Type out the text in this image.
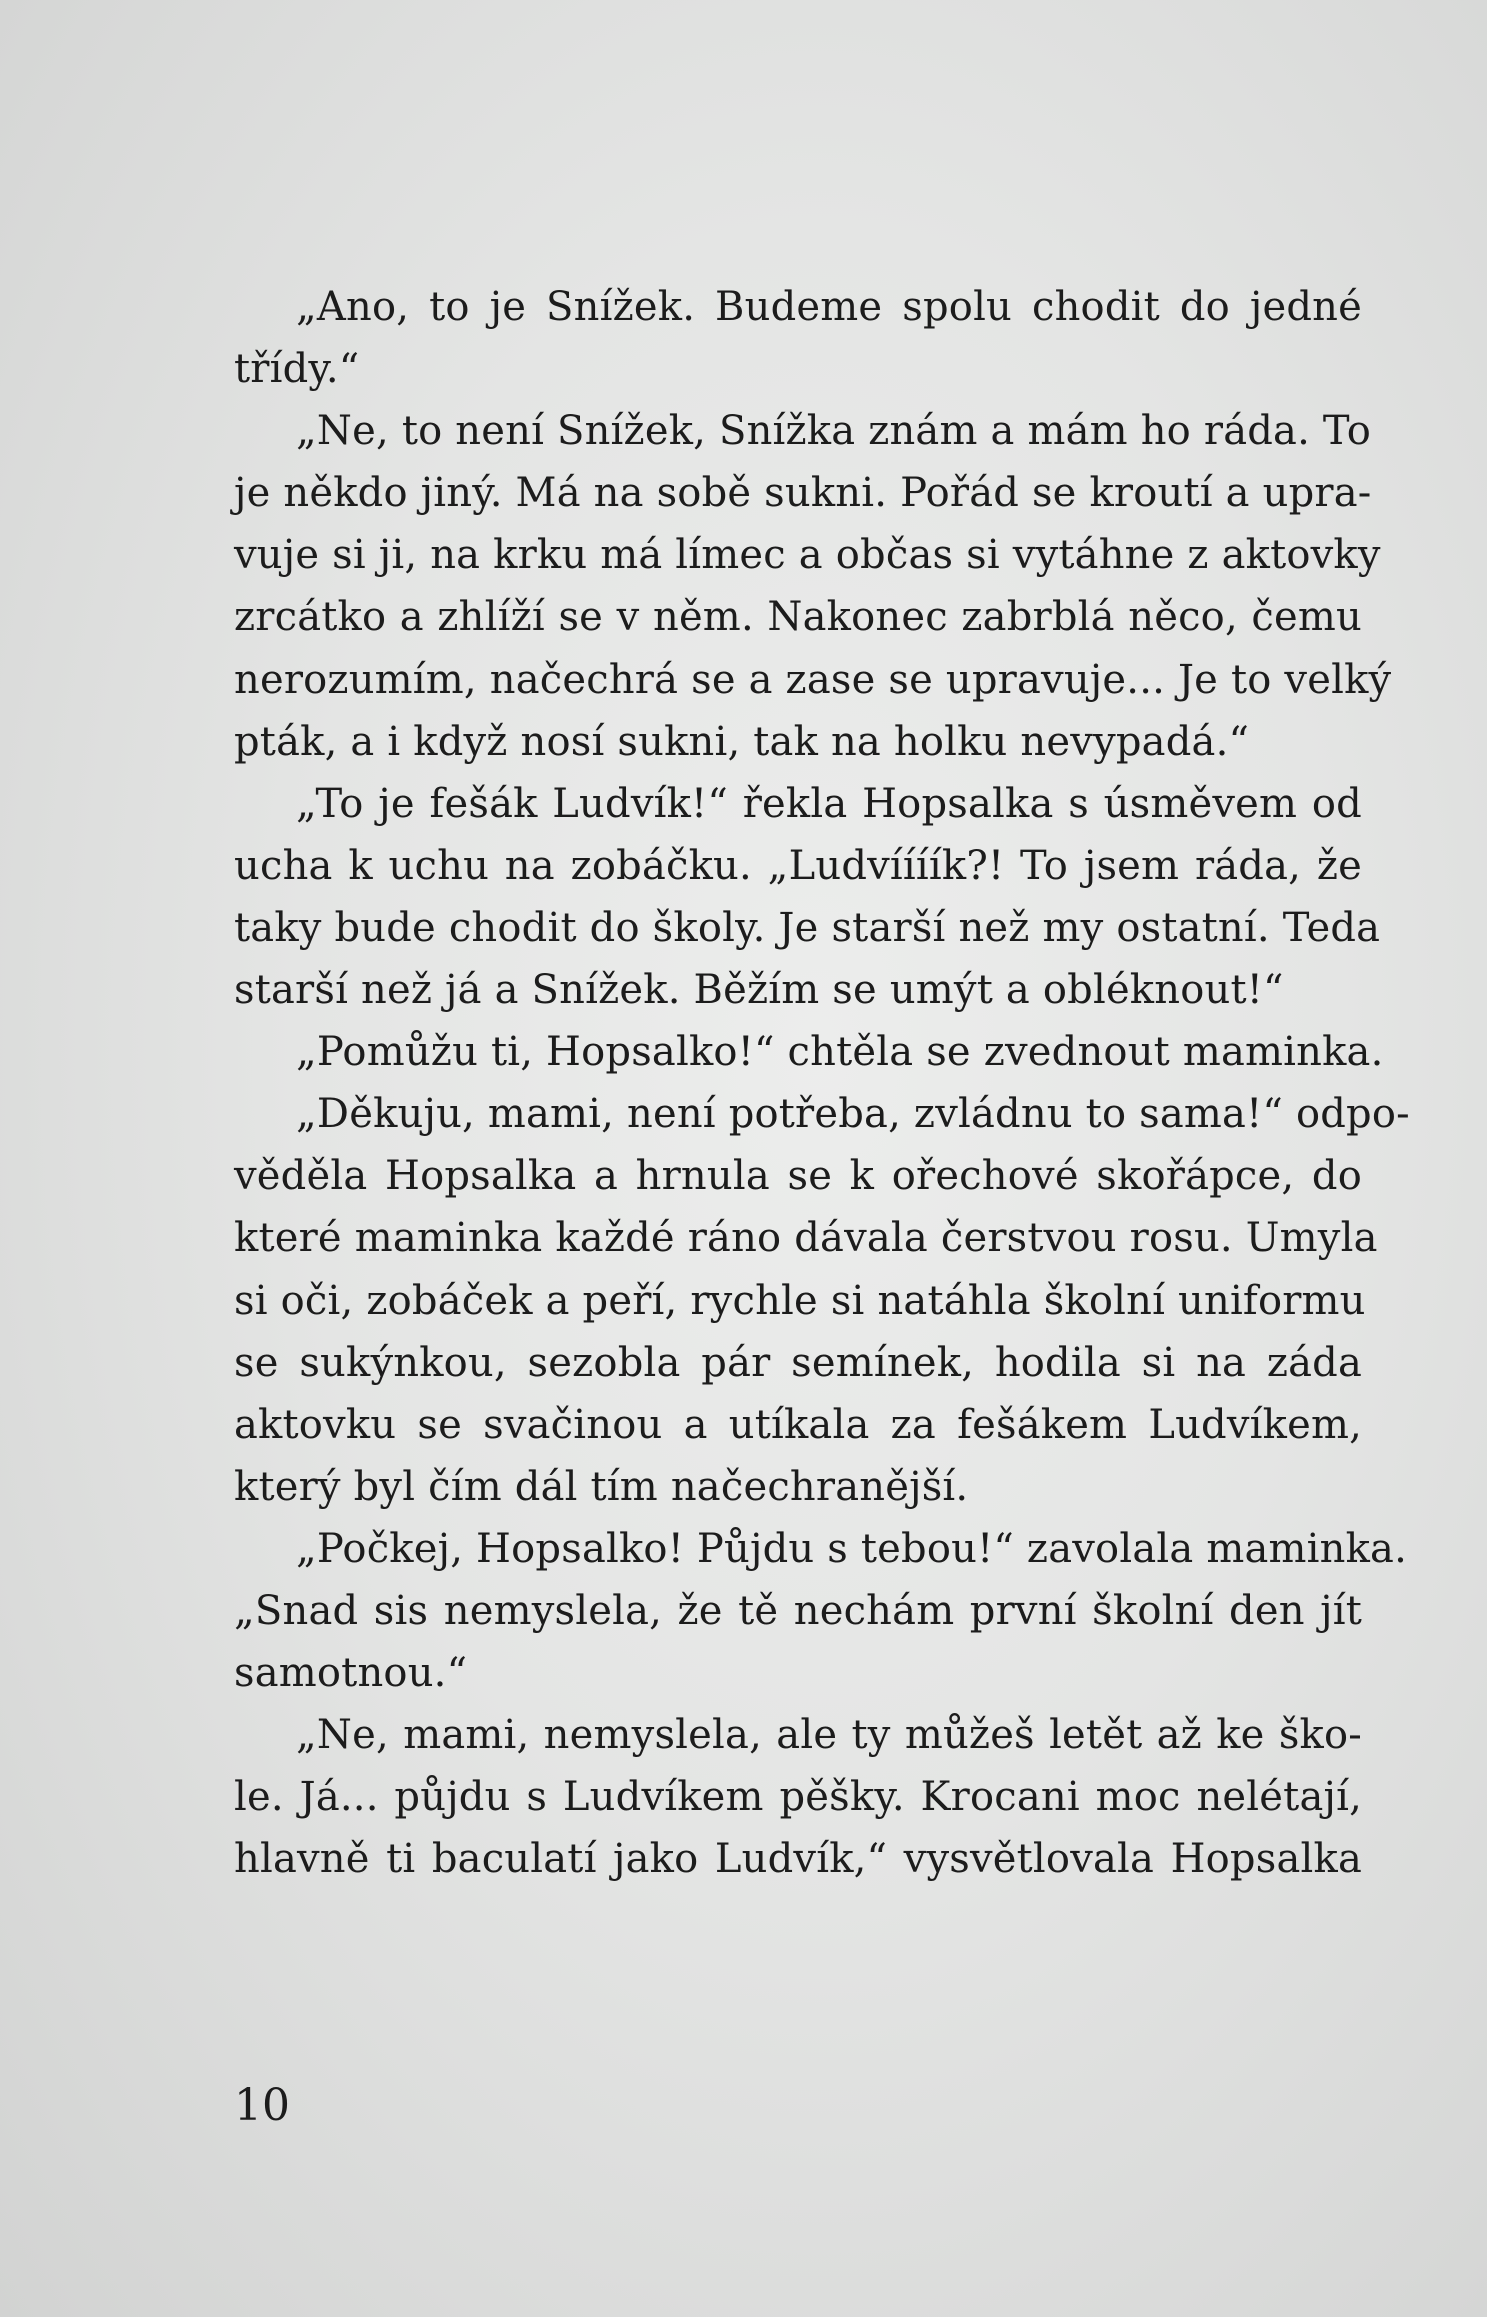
„Ano, to je Snížek. Budeme spolu chodit do jedné
třídy.“
„Ne, to není Snížek, Snížka znám a mám ho ráda. To
je někdo jiný. Má na sobě sukni. Pořád se kroutí a upra-
vuje si ji, na krku má límec a občas si vytáhne z aktovky
zrcátko a zhlíží se v něm. Nakonec zabrblá něco, čemu
nerozumím, načechrá se a zase se upravuje... Je to velký
pták, a i když nosí sukni, tak na holku nevypadá.“
„To je fešák Ludvík!“ řekla Hopsalka s úsměvem od
ucha k uchu na zobáčku. „Ludvíííík?! To jsem ráda, že
taky bude chodit do školy. Je starší než my ostatní. Teda
starší než já a Snížek. Běžím se umýt a obléknout!“
„Pomůžu ti, Hopsalko!“ chtěla se zvednout maminka.
„Děkuju, mami, není potřeba, zvládnu to sama!“ odpo-
věděla Hopsalka a hrnula se k ořechové skořápce, do
které maminka každé ráno dávala čerstvou rosu. Umyla
si oči, zobáček a peří, rychle si natáhla školní uniformu
se sukýnkou, sezobla pár semínek, hodila si na záda
aktovku se svačinou a utíkala za fešákem Ludvíkem,
který byl čím dál tím načechranější.
„Počkej, Hopsalko! Půjdu s tebou!“ zavolala maminka.
„Snad sis nemyslela, že tě nechám první školní den jít
samotnou.“
„Ne, mami, nemyslela, ale ty můžeš letět až ke ško-
le. Já... půjdu s Ludvíkem pěšky. Krocani moc nelétají,
hlavně ti baculatí jako Ludvík,“ vysvětlovala Hopsalka
10
